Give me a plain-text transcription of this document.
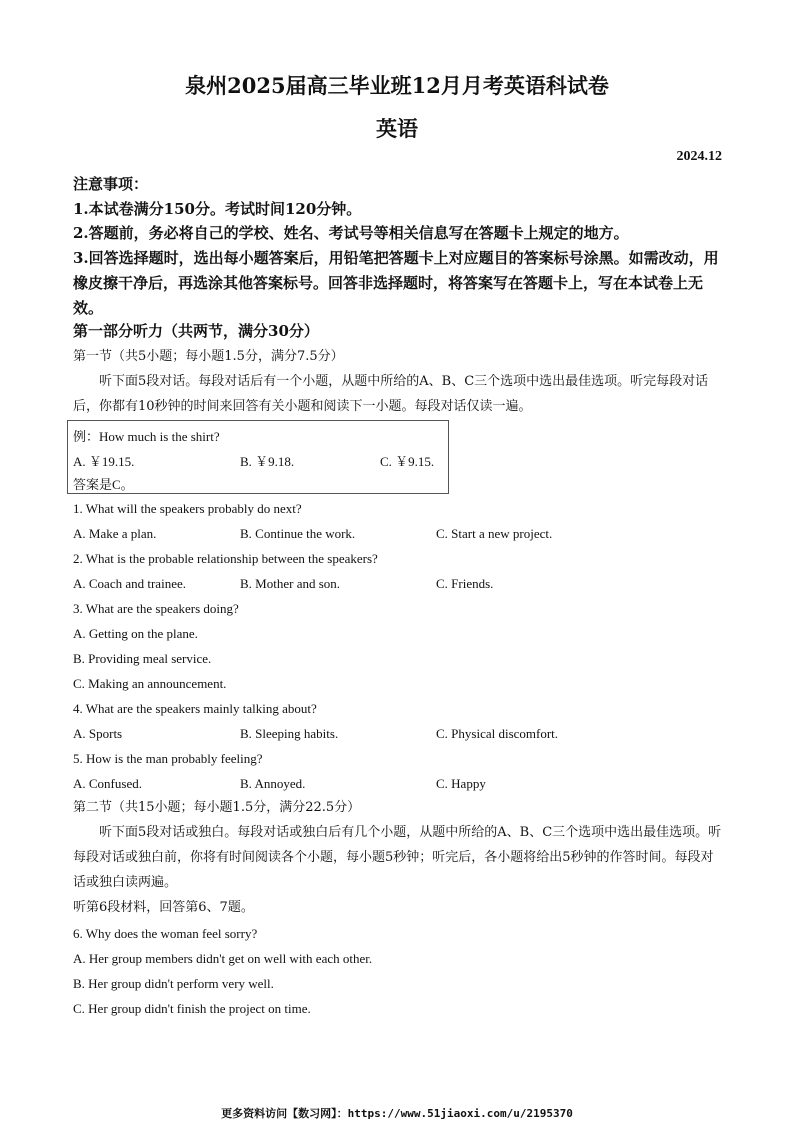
泉州2025届高三毕业班12月月考英语科试卷
英语
2024.12
注意事项：
1.本试卷满分150分。考试时间120分钟。
2.答题前，务必将自己的学校、姓名、考试号等相关信息写在答题卡上规定的地方。
3.回答选择题时，选出每小题答案后，用铅笔把答题卡上对应题目的答案标号涂黑。如需改动，用橡皮擦干净后，再选涂其他答案标号。回答非选择题时，将答案写在答题卡上，写在本试卷上无效。
第一部分听力（共两节，满分30分）
第一节（共5小题；每小题1.5分，满分7.5分）
听下面5段对话。每段对话后有一个小题，从题中所给的A、B、C三个选项中选出最佳选项。听完每段对话后，你都有10秒钟的时间来回答有关小题和阅读下一小题。每段对话仅读一遍。
例：How much is the shirt?
A. ￥19.15.	B. ￥9.18.	C. ￥9.15.
答案是C。
1. What will the speakers probably do next?
A. Make a plan.	B. Continue the work.	C. Start a new project.
2. What is the probable relationship between the speakers?
A. Coach and trainee.	B. Mother and son.	C. Friends.
3. What are the speakers doing?
A. Getting on the plane.
B. Providing meal service.
C. Making an announcement.
4. What are the speakers mainly talking about?
A. Sports	B. Sleeping habits.	C. Physical discomfort.
5. How is the man probably feeling?
A. Confused.	B. Annoyed.	C. Happy
第二节（共15小题；每小题1.5分，满分22.5分）
听下面5段对话或独白。每段对话或独白后有几个小题，从题中所给的A、B、C三个选项中选出最佳选项。听每段对话或独白前，你将有时间阅读各个小题，每小题5秒钟；听完后，各小题将给出5秒钟的作答时间。每段对话或独白读两遍。
听第6段材料，回答第6、7题。
6. Why does the woman feel sorry?
A. Her group members didn't get on well with each other.
B. Her group didn't perform very well.
C. Her group didn't finish the project on time.
更多资料访问【数习网】：https://www.51jiaoxi.com/u/2195370
